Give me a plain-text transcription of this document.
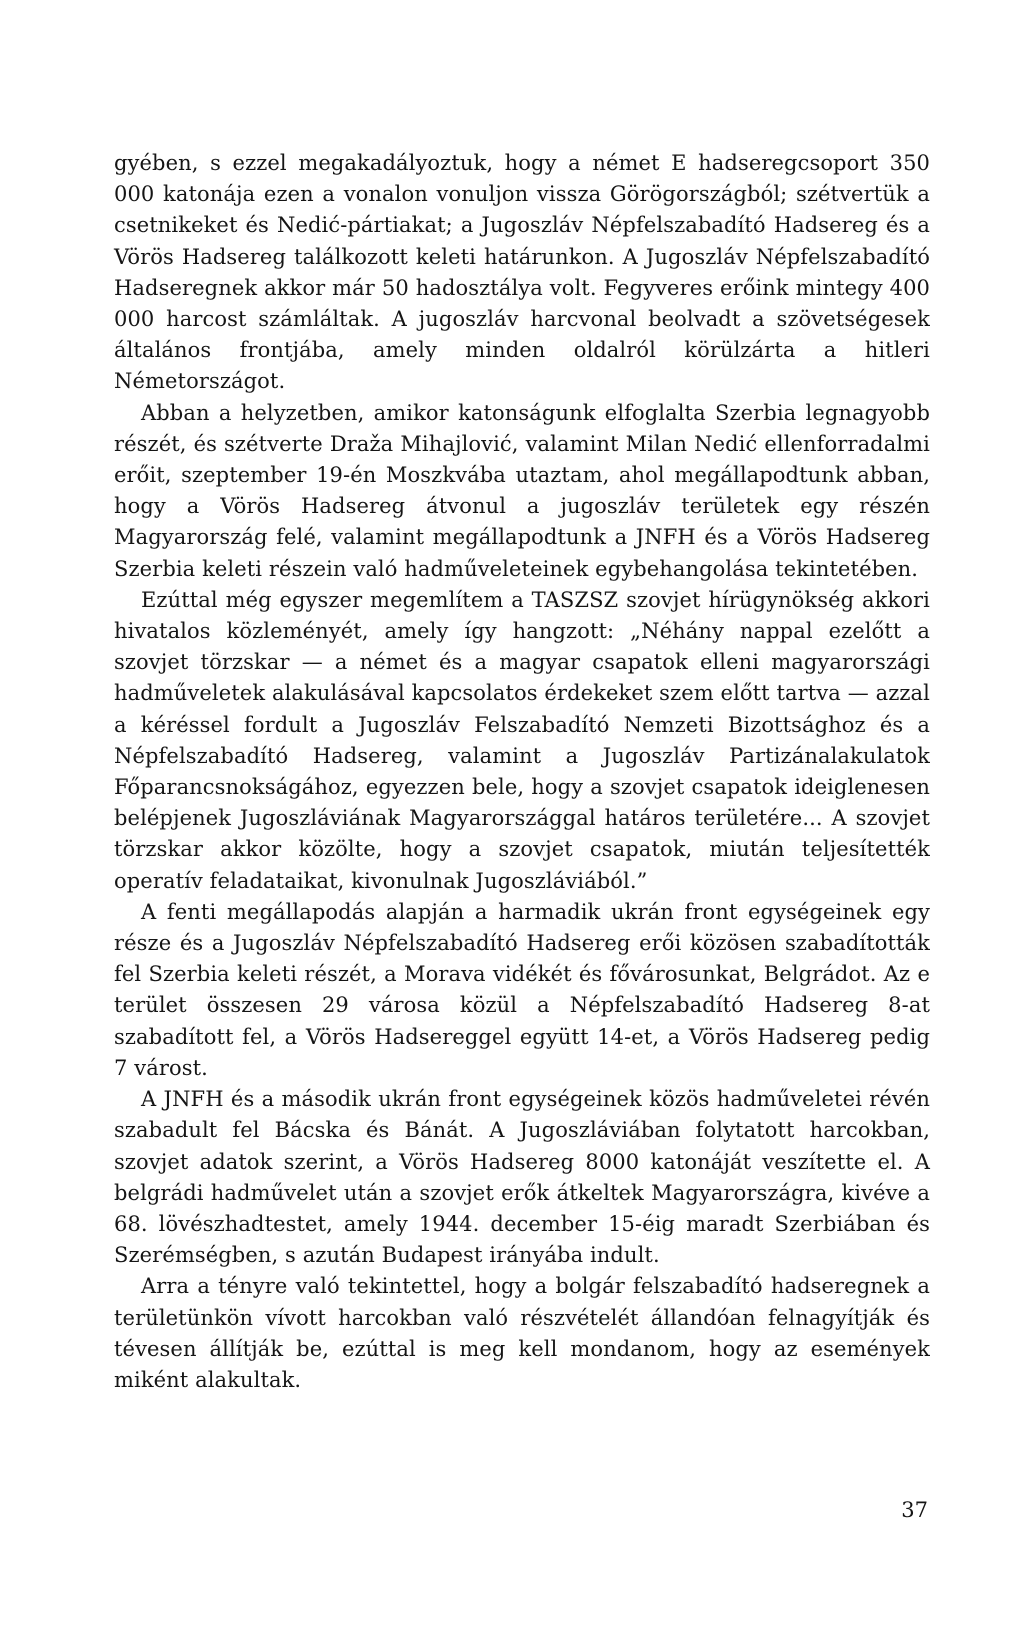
gyében, s ezzel megakadályoztuk, hogy a német E hadseregcsoport 350 000 katonája ezen a vonalon vonuljon vissza Görögországból; szétvertük a csetnikeket és Nedić-pártiakat; a Jugoszláv Népfelszabadító Hadsereg és a Vörös Hadsereg találkozott keleti határunkon. A Jugoszláv Népfelszabadító Hadseregnek akkor már 50 hadosztálya volt. Fegyveres erőink mintegy 400 000 harcost számláltak. A jugoszláv harcvonal beolvadt a szövetségesek általános frontjába, amely minden oldalról körülzárta a hitleri Németországot.

Abban a helyzetben, amikor katonságunk elfoglalta Szerbia legnagyobb részét, és szétverte Draža Mihajlović, valamint Milan Nedić ellenforradalmi erőit, szeptember 19-én Moszkvába utaztam, ahol megállapodtunk abban, hogy a Vörös Hadsereg átvonul a jugoszláv területek egy részén Magyarország felé, valamint megállapodtunk a JNFH és a Vörös Hadsereg Szerbia keleti részein való hadműveleteinek egybehangolása tekintetében.

Ezúttal még egyszer megemlítem a TASZSZ szovjet hírügynökség akkori hivatalos közleményét, amely így hangzott: „Néhány nappal ezelőtt a szovjet törzskar — a német és a magyar csapatok elleni magyarországi hadműveletek alakulásával kapcsolatos érdekeket szem előtt tartva — azzal a kéréssel fordult a Jugoszláv Felszabadító Nemzeti Bizottsághoz és a Népfelszabadító Hadsereg, valamint a Jugoszláv Partizánalakulatok Főparancsnokságához, egyezzen bele, hogy a szovjet csapatok ideiglenesen belépjenek Jugoszláviának Magyarországgal határos területére... A szovjet törzskar akkor közölte, hogy a szovjet csapatok, miután teljesítették operatív feladataikat, kivonulnak Jugoszláviából.”

A fenti megállapodás alapján a harmadik ukrán front egységeinek egy része és a Jugoszláv Népfelszabadító Hadsereg erői közösen szabadították fel Szerbia keleti részét, a Morava vidékét és fővárosunkat, Belgrádot. Az e terület összesen 29 városa közül a Népfelszabadító Hadsereg 8-at szabadított fel, a Vörös Hadsereggel együtt 14-et, a Vörös Hadsereg pedig 7 várost.

A JNFH és a második ukrán front egységeinek közös hadműveletei révén szabadult fel Bácska és Bánát. A Jugoszláviában folytatott harcokban, szovjet adatok szerint, a Vörös Hadsereg 8000 katonáját veszítette el. A belgrádi hadművelet után a szovjet erők átkeltek Magyarországra, kivéve a 68. lövészhadtestet, amely 1944. december 15-éig maradt Szerbiában és Szerémségben, s azután Budapest irányába indult.

Arra a tényre való tekintettel, hogy a bolgár felszabadító hadseregnek a területünkön vívott harcokban való részvételét állandóan felnagyítják és tévesen állítják be, ezúttal is meg kell mondanom, hogy az események miként alakultak.

37
